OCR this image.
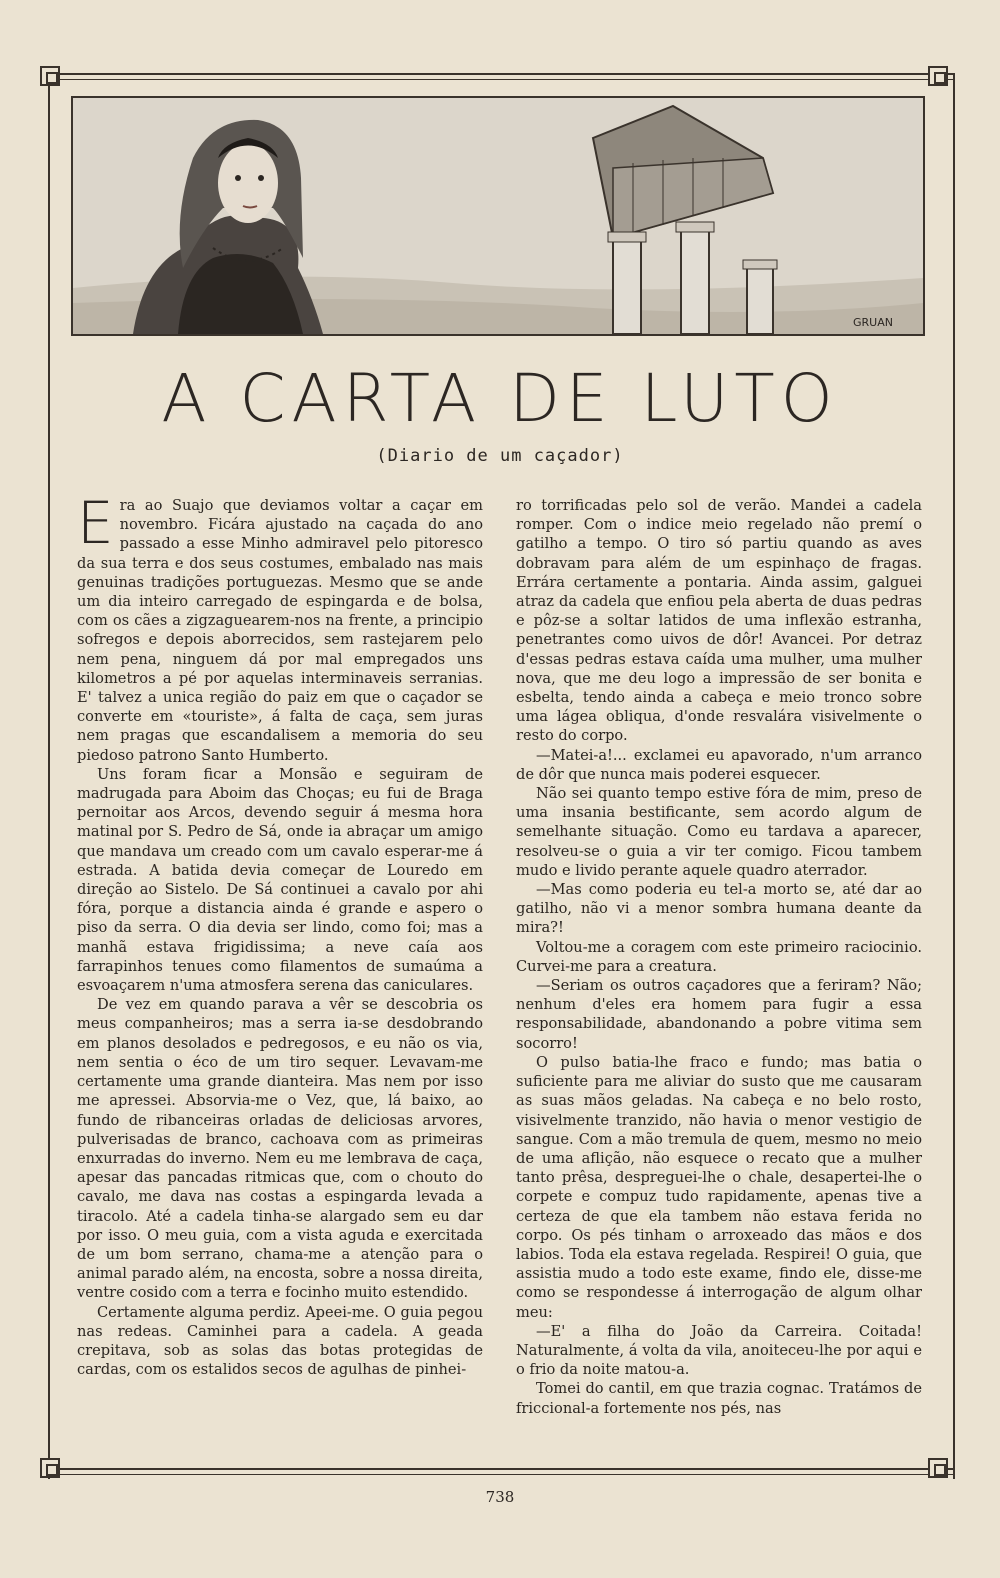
GRUAN
A CARTA DE LUTO
(Diario de um caçador)

Era ao Suajo que deviamos voltar a caçar em novembro. Ficára ajustado na caçada do ano passado a esse Minho admiravel pelo pitoresco da sua terra e dos seus costumes, embalado nas mais genuinas tradições portuguezas. Mesmo que se ande um dia inteiro carregado de espingarda e de bolsa, com os cães a zigzaguearem-nos na frente, a principio sofregos e depois aborrecidos, sem rastejarem pelo nem pena, ninguem dá por mal empregados uns kilometros a pé por aquelas interminaveis serranias. E' talvez a unica região do paiz em que o caçador se converte em «touriste», á falta de caça, sem juras nem pragas que escandalisem a memoria do seu piedoso patrono Santo Humberto.

Uns foram ficar a Monsão e seguiram de madrugada para Aboim das Choças; eu fui de Braga pernoitar aos Arcos, devendo seguir á mesma hora matinal por S. Pedro de Sá, onde ia abraçar um amigo que mandava um creado com um cavalo esperar-me á estrada. A batida devia começar de Louredo em direção ao Sistelo. De Sá continuei a cavalo por ahi fóra, porque a distancia ainda é grande e aspero o piso da serra. O dia devia ser lindo, como foi; mas a manhã estava frigidissima; a neve caía aos farrapinhos tenues como filamentos de sumaúma a esvoaçarem n'uma atmosfera serena das caniculares.

De vez em quando parava a vêr se descobria os meus companheiros; mas a serra ia-se desdobrando em planos desolados e pedregosos, e eu não os via, nem sentia o éco de um tiro sequer. Levavam-me certamente uma grande dianteira. Mas nem por isso me apressei. Absorvia-me o Vez, que, lá baixo, ao fundo de ribanceiras orladas de deliciosas arvores, pulverisadas de branco, cachoava com as primeiras enxurradas do inverno. Nem eu me lembrava de caça, apesar das pancadas ritmicas que, com o chouto do cavalo, me dava nas costas a espingarda levada a tiracolo. Até a cadela tinha-se alargado sem eu dar por isso. O meu guia, com a vista aguda e exercitada de um bom serrano, chama-me a atenção para o animal parado além, na encosta, sobre a nossa direita, ventre cosido com a terra e focinho muito estendido.

Certamente alguma perdiz. Apeei-me. O guia pegou nas redeas. Caminhei para a cadela. A geada crepitava, sob as solas das botas protegidas de cardas, com os estalidos secos de agulhas de pinhei-

ro torrificadas pelo sol de verão. Mandei a cadela romper. Com o indice meio regelado não premí o gatilho a tempo. O tiro só partiu quando as aves dobravam para além de um espinhaço de fragas. Errára certamente a pontaria. Ainda assim, galguei atraz da cadela que enfiou pela aberta de duas pedras e pôz-se a soltar latidos de uma inflexão estranha, penetrantes como uivos de dôr! Avancei. Por detraz d'essas pedras estava caída uma mulher, uma mulher nova, que me deu logo a impressão de ser bonita e esbelta, tendo ainda a cabeça e meio tronco sobre uma lágea obliqua, d'onde resvalára visivelmente o resto do corpo.

—Matei-a!... exclamei eu apavorado, n'um arranco de dôr que nunca mais poderei esquecer.

Não sei quanto tempo estive fóra de mim, preso de uma insania bestificante, sem acordo algum de semelhante situação. Como eu tardava a aparecer, resolveu-se o guia a vir ter comigo. Ficou tambem mudo e livido perante aquele quadro aterrador.

—Mas como poderia eu tel-a morto se, até dar ao gatilho, não vi a menor sombra humana deante da mira?!

Voltou-me a coragem com este primeiro raciocinio. Curvei-me para a creatura.

—Seriam os outros caçadores que a feriram? Não; nenhum d'eles era homem para fugir a essa responsabilidade, abandonando a pobre vitima sem socorro!

O pulso batia-lhe fraco e fundo; mas batia o suficiente para me aliviar do susto que me causaram as suas mãos geladas. Na cabeça e no belo rosto, visivelmente tranzido, não havia o menor vestigio de sangue. Com a mão tremula de quem, mesmo no meio de uma aflição, não esquece o recato que a mulher tanto prêsa, despreguei-lhe o chale, desapertei-lhe o corpete e compuz tudo rapidamente, apenas tive a certeza de que ela tambem não estava ferida no corpo. Os pés tinham o arroxeado das mãos e dos labios. Toda ela estava regelada. Respirei! O guia, que assistia mudo a todo este exame, findo ele, disse-me como se respondesse á interrogação de algum olhar meu:

—E' a filha do João da Carreira. Coitada! Naturalmente, á volta da vila, anoiteceu-lhe por aqui e o frio da noite matou-a.

Tomei do cantil, em que trazia cognac. Tratámos de friccional-a fortemente nos pés, nas

738
